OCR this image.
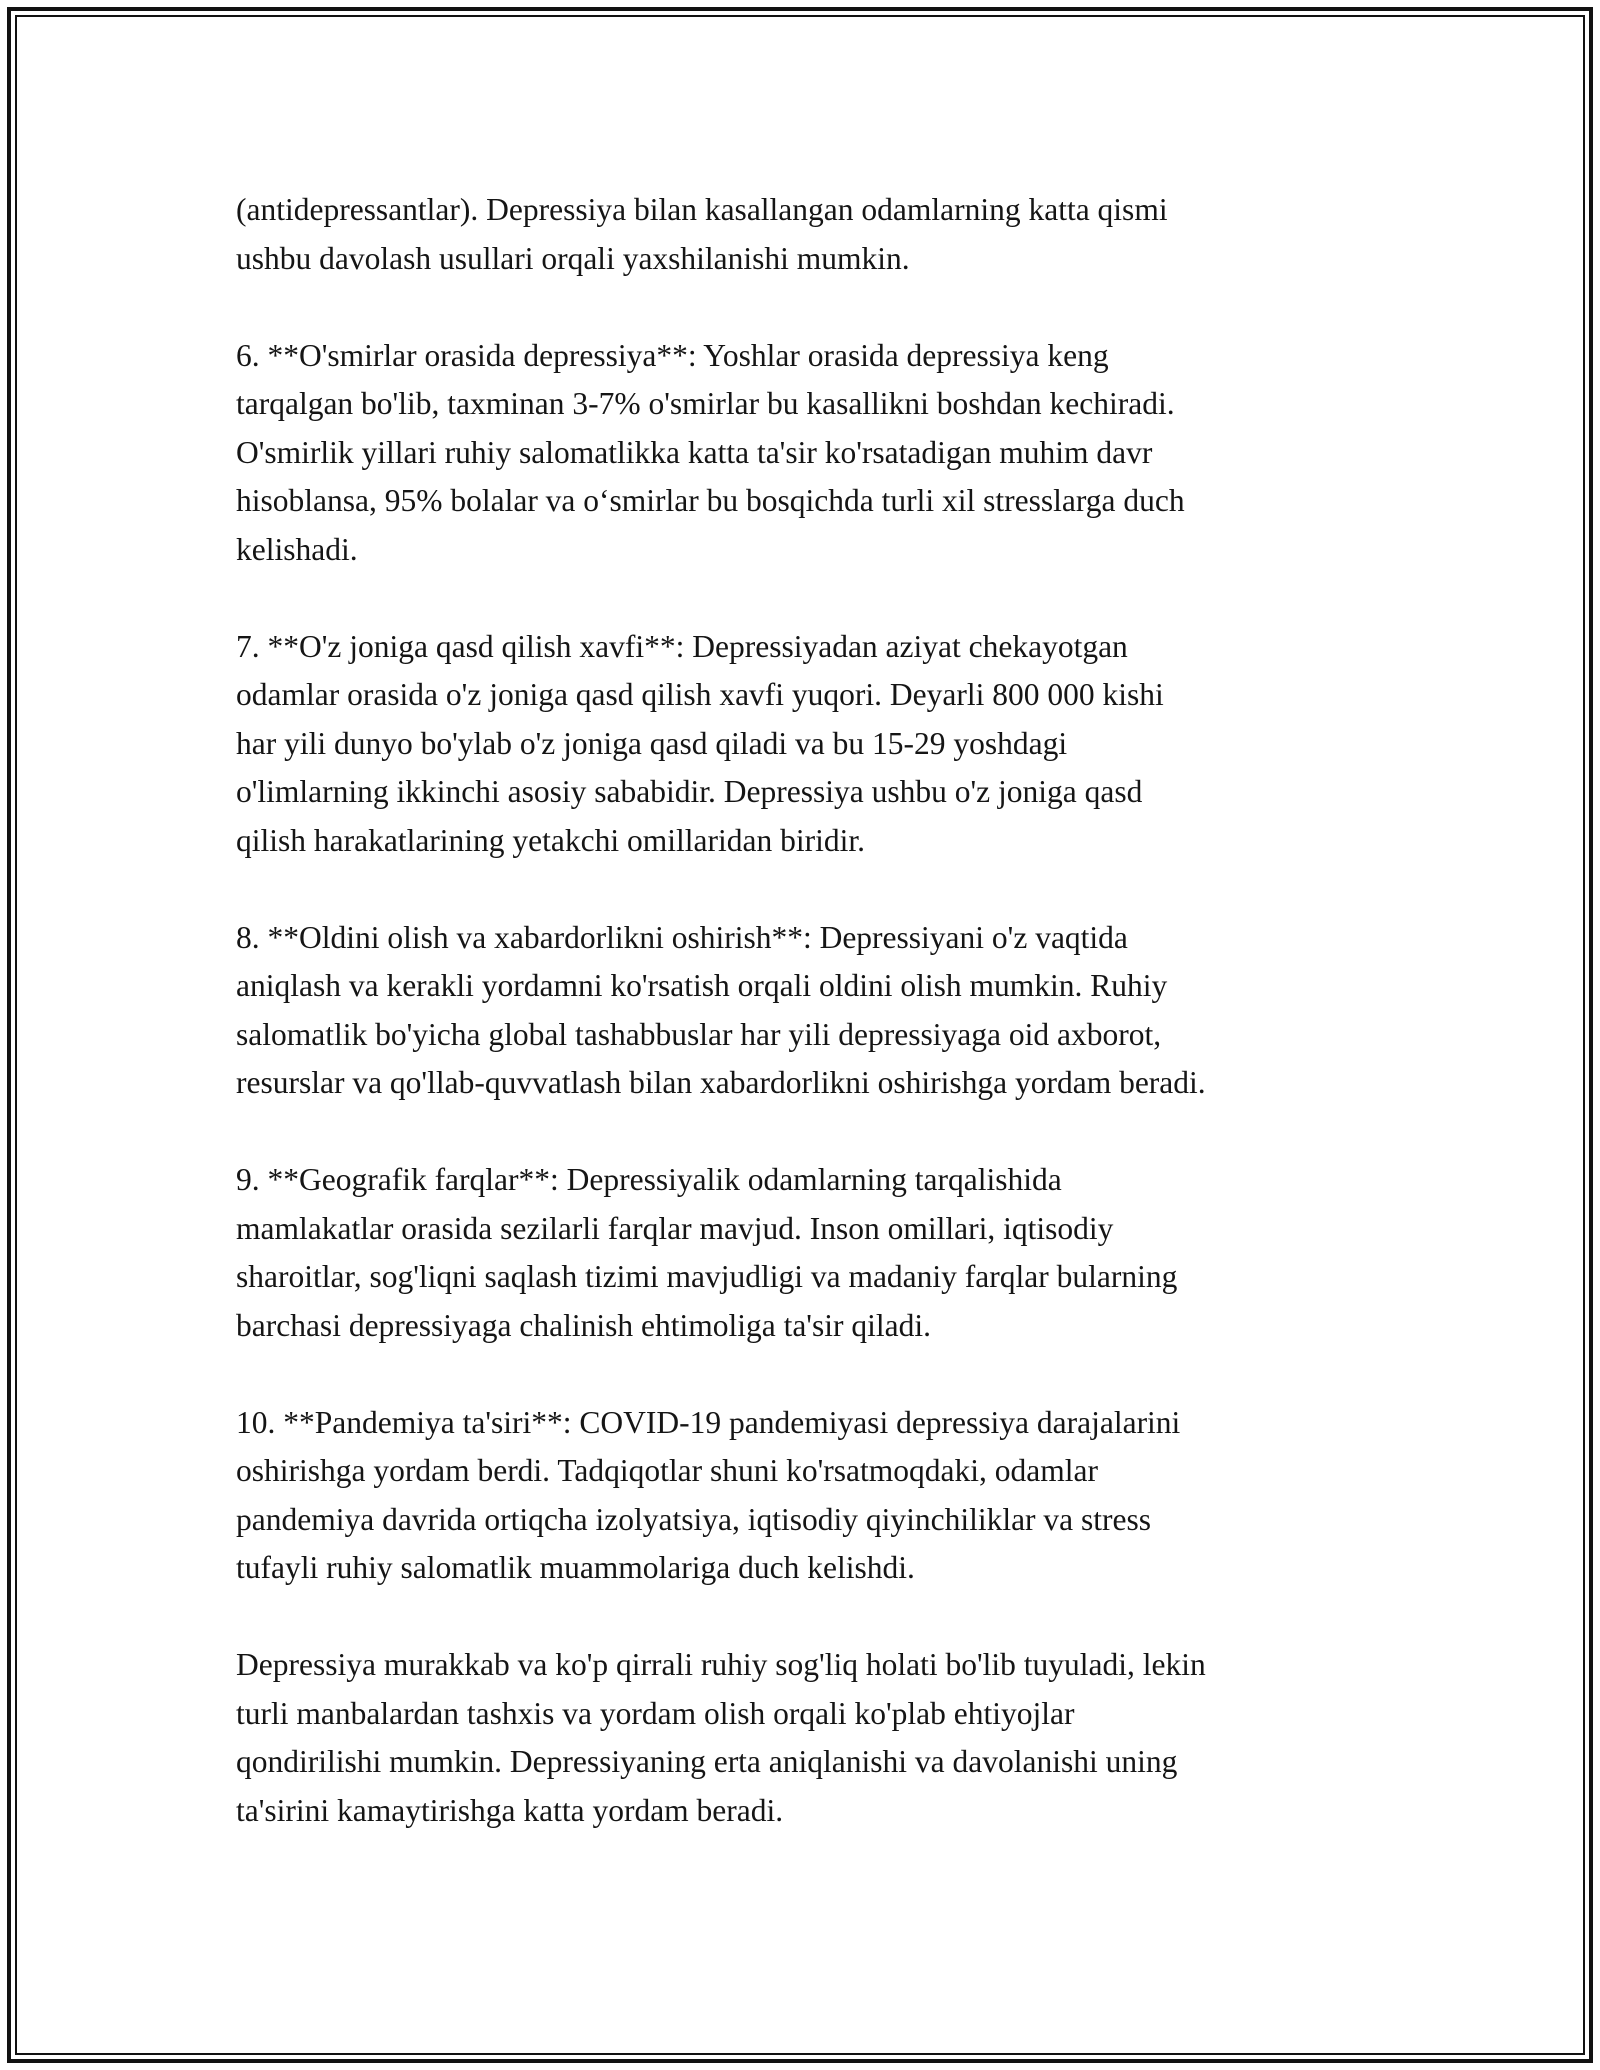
(antidepressantlar). Depressiya bilan kasallangan odamlarning katta qismi
ushbu davolash usullari orqali yaxshilanishi mumkin.

6. **O'smirlar orasida depressiya**: Yoshlar orasida depressiya keng
tarqalgan bo'lib, taxminan 3-7% o'smirlar bu kasallikni boshdan kechiradi.
O'smirlik yillari ruhiy salomatlikka katta ta'sir ko'rsatadigan muhim davr
hisoblansa, 95% bolalar va o‘smirlar bu bosqichda turli xil stresslarga duch
kelishadi.

7. **O'z joniga qasd qilish xavfi**: Depressiyadan aziyat chekayotgan
odamlar orasida o'z joniga qasd qilish xavfi yuqori. Deyarli 800 000 kishi
har yili dunyo bo'ylab o'z joniga qasd qiladi va bu 15-29 yoshdagi
o'limlarning ikkinchi asosiy sababidir. Depressiya ushbu o'z joniga qasd
qilish harakatlarining yetakchi omillaridan biridir.

8. **Oldini olish va xabardorlikni oshirish**: Depressiyani o'z vaqtida
aniqlash va kerakli yordamni ko'rsatish orqali oldini olish mumkin. Ruhiy
salomatlik bo'yicha global tashabbuslar har yili depressiyaga oid axborot,
resurslar va qo'llab-quvvatlash bilan xabardorlikni oshirishga yordam beradi.

9. **Geografik farqlar**: Depressiyalik odamlarning tarqalishida
mamlakatlar orasida sezilarli farqlar mavjud. Inson omillari, iqtisodiy
sharoitlar, sog'liqni saqlash tizimi mavjudligi va madaniy farqlar bularning
barchasi depressiyaga chalinish ehtimoliga ta'sir qiladi.

10. **Pandemiya ta'siri**: COVID-19 pandemiyasi depressiya darajalarini
oshirishga yordam berdi. Tadqiqotlar shuni ko'rsatmoqdaki, odamlar
pandemiya davrida ortiqcha izolyatsiya, iqtisodiy qiyinchiliklar va stress
tufayli ruhiy salomatlik muammolariga duch kelishdi.

Depressiya murakkab va ko'p qirrali ruhiy sog'liq holati bo'lib tuyuladi, lekin
turli manbalardan tashxis va yordam olish orqali ko'plab ehtiyojlar
qondirilishi mumkin. Depressiyaning erta aniqlanishi va davolanishi uning
ta'sirini kamaytirishga katta yordam beradi.
